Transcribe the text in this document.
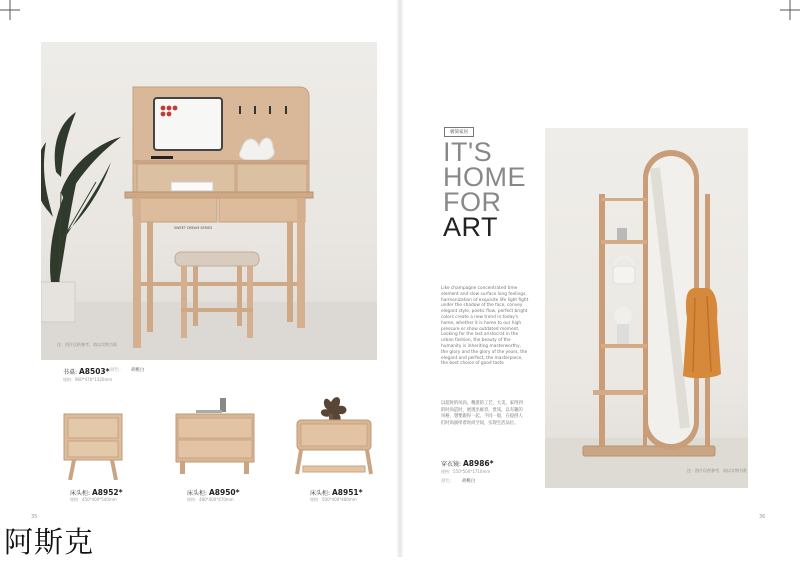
SWEET DREAM SERIES
注：图片仅供参考，请以实物为准
书桌: A8503*
规格：960*470*1320mm
颜色： 胡桃白
床头柜: A8952*
规格：450*400*540mm
床头柜: A8950*
规格：480*400*470mm
床头柜: A8951*
规格：500*400*480mm
35
极简家居
IT'S
HOME
FOR
ART
Like champagne concentrated time element and slow surface long feelings, harmonization of exquisite life light fight under the shadow of the face, convey elegant style, poetic flow, perfect bright colors create a new trend in today's home, whether it is home to our high pressure or show outdated moment. Looking for the last aristocrat in the urban fashion, the beauty of the humanity is inheriting masterworthy, the glory and the glory of the years, the elegant and perfect, the masterpiece, the best choice of good taste
以超时的风尚，精湛的工艺，大美，家得到的时尚造时，展现出雍容，贵质，以有趣的风格，想要跟你一起，不同一般，在提供人们时尚演绎着时尚空间，实现生活品位。
穿衣镜: A8986*
规格：550*500*1710mm
颜色： 胡桃白
注：图片仅供参考，请以实物为准
36
阿斯克
